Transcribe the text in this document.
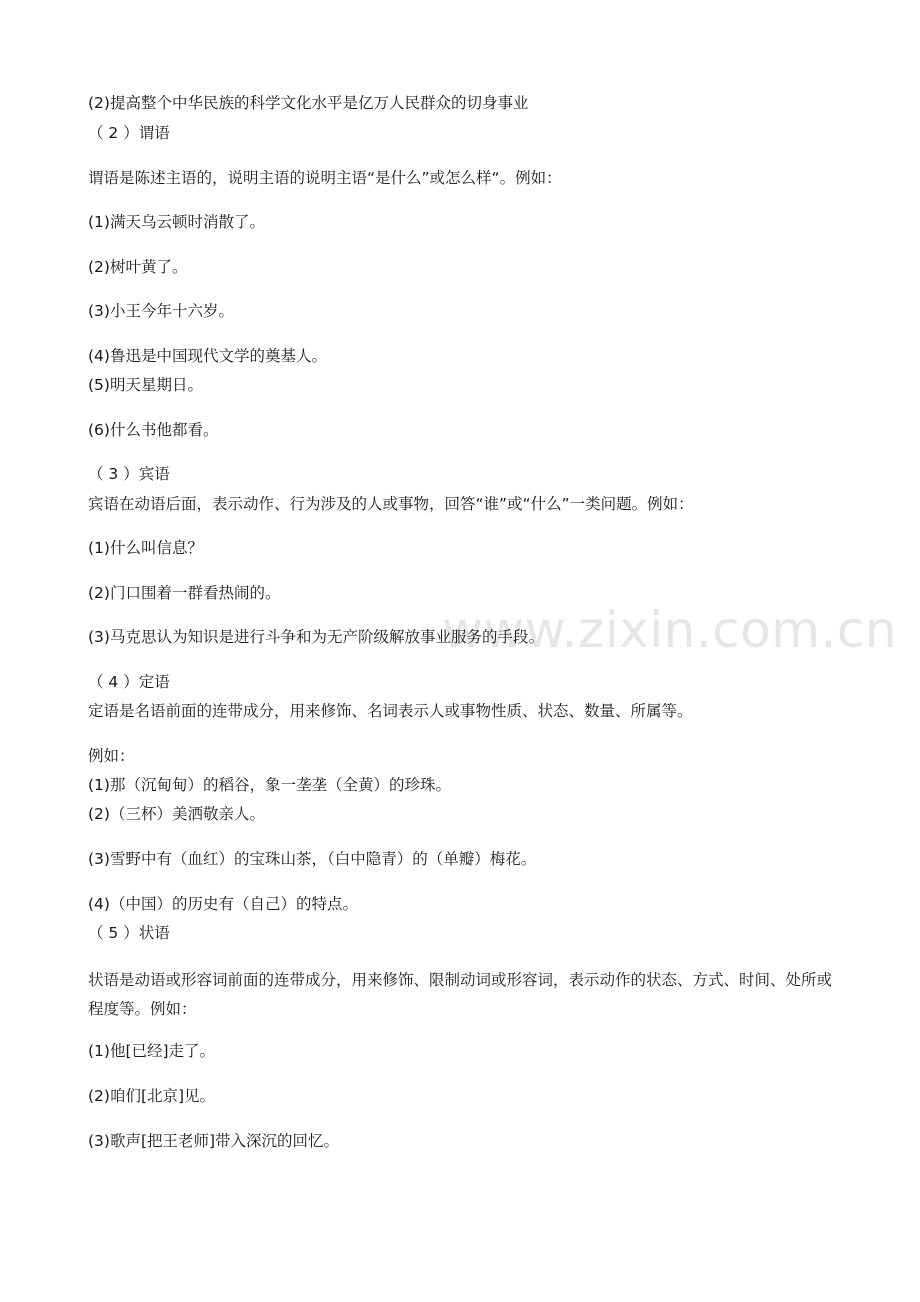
www.zixin.com.cn
(2)提高整个中华民族的科学文化水平是亿万人民群众的切身事业
（ 2 ）谓语
谓语是陈述主语的，说明主语的说明主语“是什么”或怎么样“。例如：
(1)满天乌云顿时消散了。
(2)树叶黄了。
(3)小王今年十六岁。
(4)鲁迅是中国现代文学的奠基人。
(5)明天星期日。
(6)什么书他都看。
（ 3 ）宾语
宾语在动语后面，表示动作、行为涉及的人或事物，回答“谁”或“什么”一类问题。例如：
(1)什么叫信息？
(2)门口围着一群看热闹的。
(3)马克思认为知识是进行斗争和为无产阶级解放事业服务的手段。
（ 4 ）定语
定语是名语前面的连带成分，用来修饰、名词表示人或事物性质、状态、数量、所属等。
例如：
(1)那（沉甸甸）的稻谷，象一垄垄（全黄）的珍珠。
(2)（三杯）美洒敬亲人。
(3)雪野中有（血红）的宝珠山茶，（白中隐青）的（单瓣）梅花。
(4)（中国）的历史有（自己）的特点。
（ 5 ）状语
状语是动语或形容词前面的连带成分，用来修饰、限制动词或形容词，表示动作的状态、方式、时间、处所或程度等。例如：
(1)他[已经]走了。
(2)咱们[北京]见。
(3)歌声[把王老师]带入深沉的回忆。
